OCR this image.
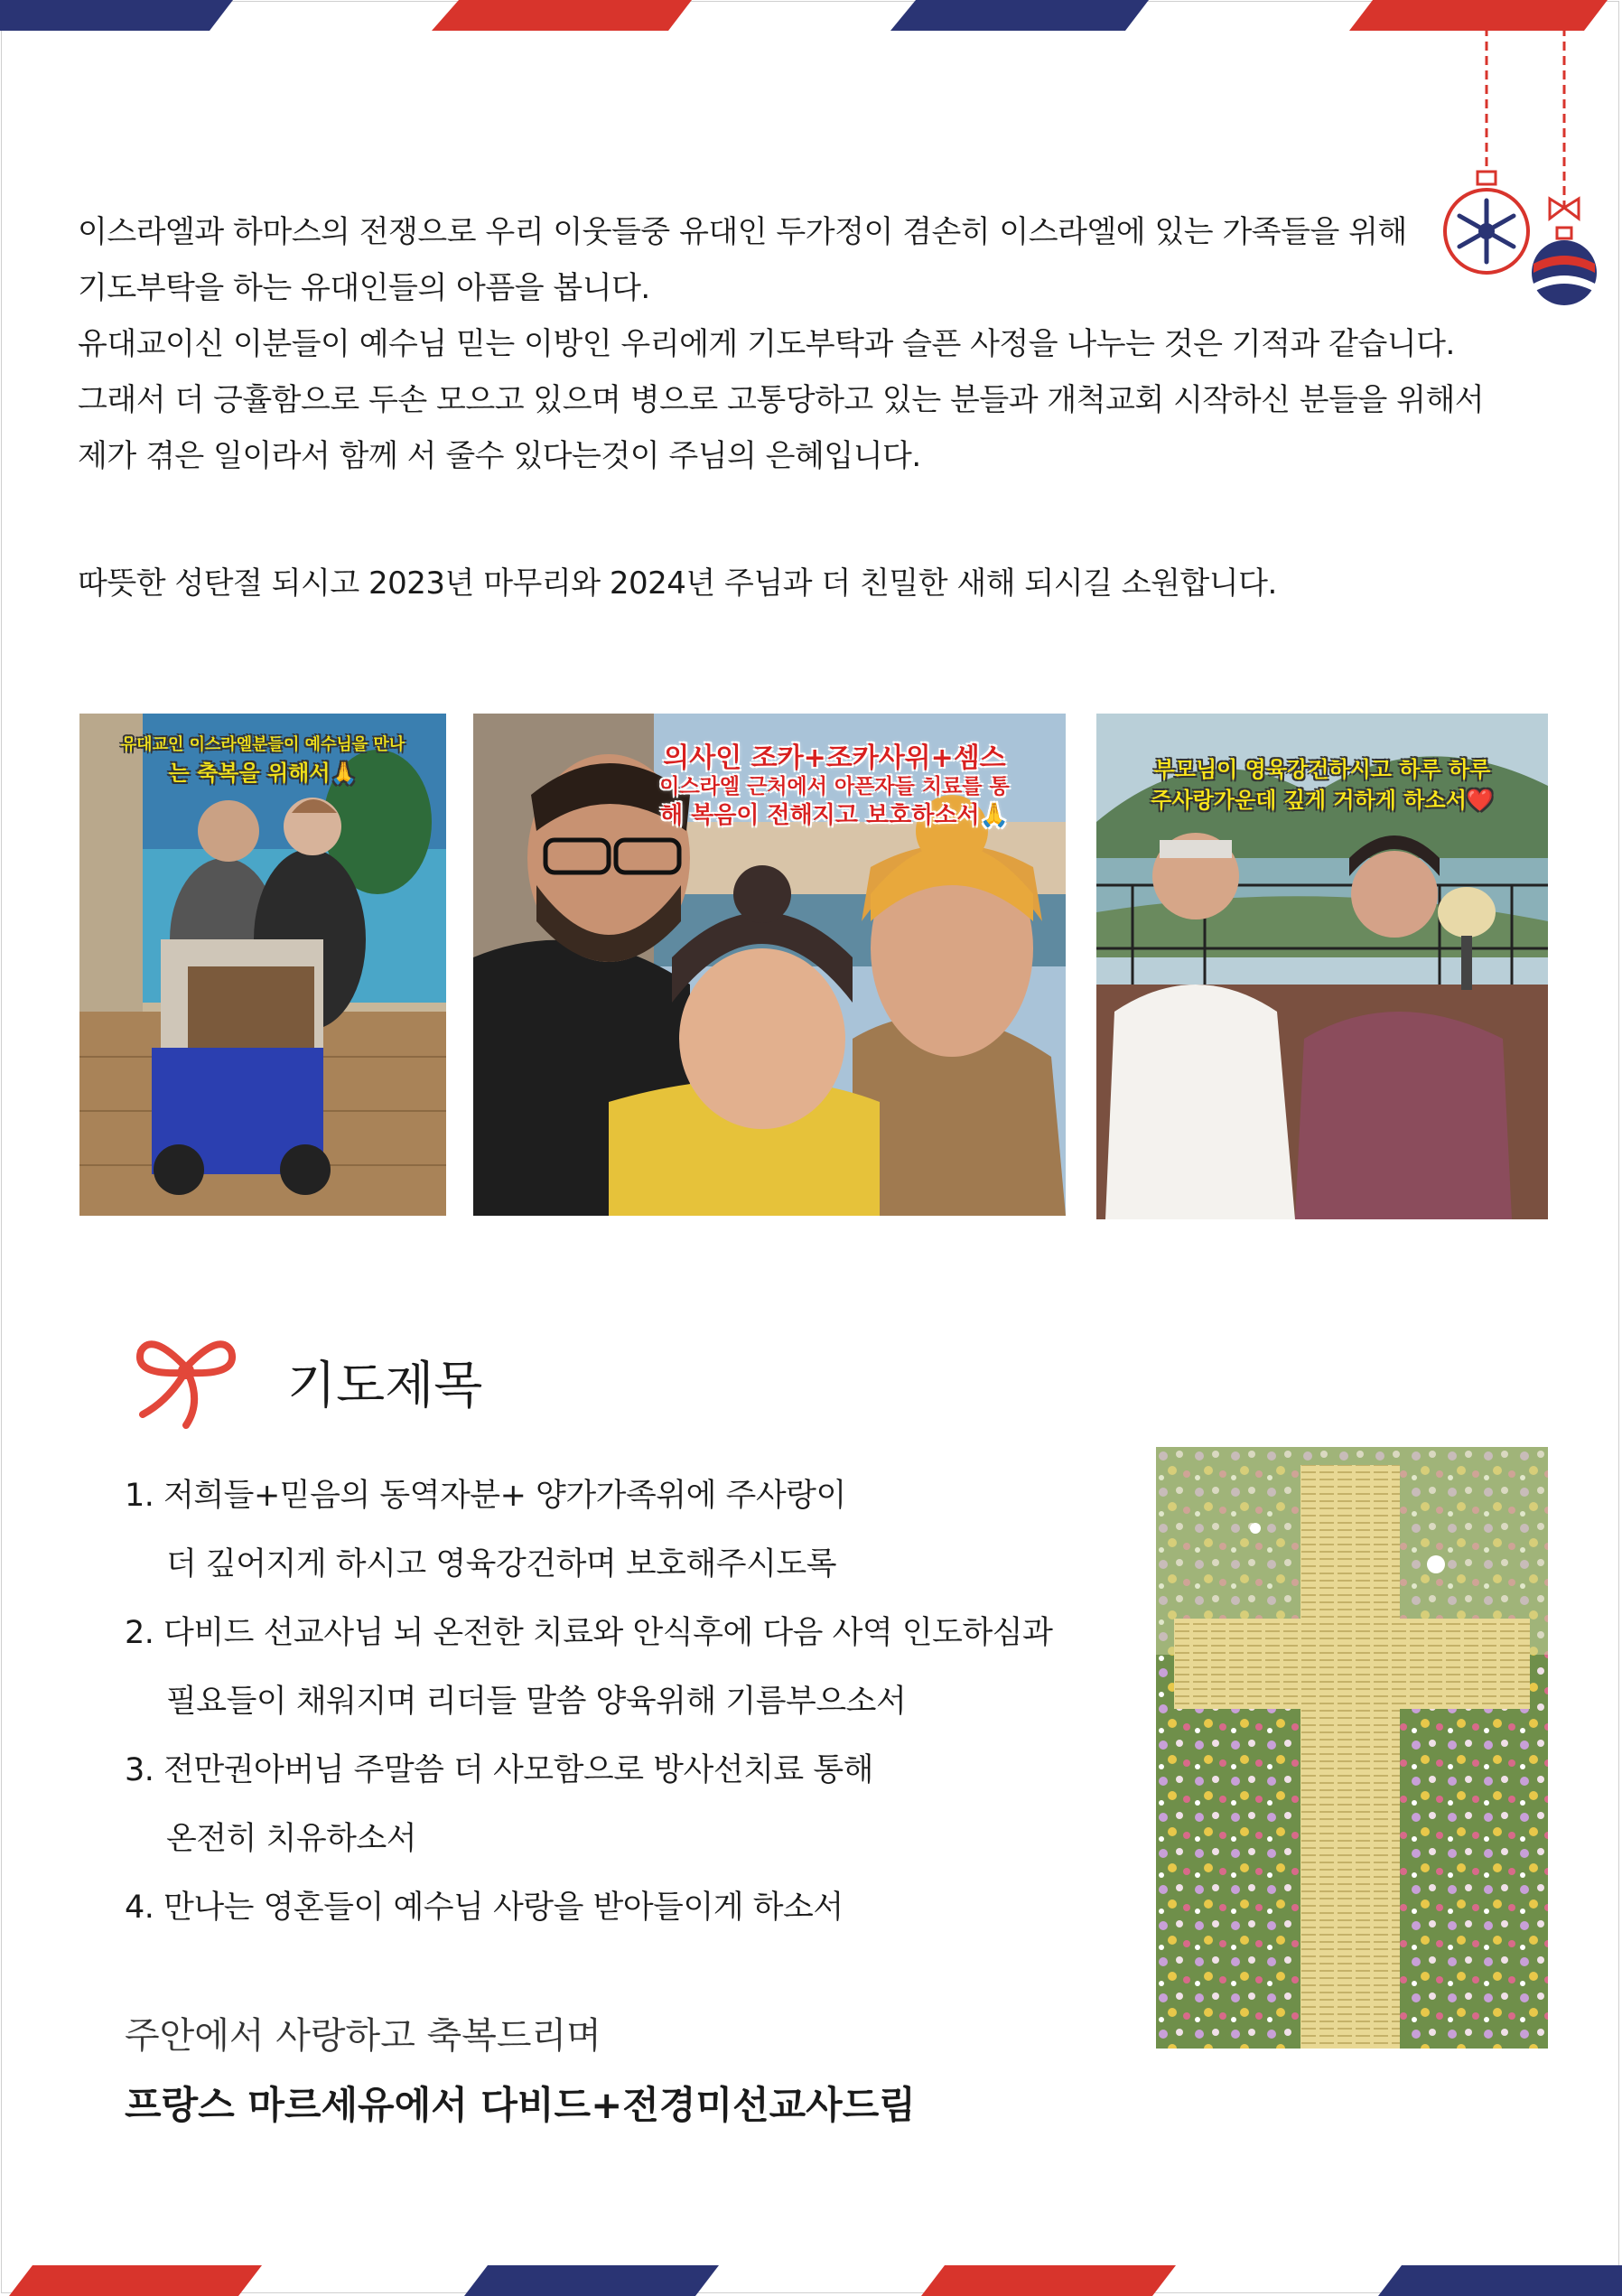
이스라엘과 하마스의 전쟁으로 우리 이웃들중 유대인 두가정이 겸손히 이스라엘에 있는 가족들을 위해

기도부탁을 하는 유대인들의 아픔을 봅니다.

유대교이신 이분들이 예수님 믿는 이방인 우리에게 기도부탁과 슬픈 사정을 나누는 것은 기적과 같습니다.

그래서 더 긍휼함으로 두손 모으고 있으며 병으로 고통당하고 있는 분들과 개척교회 시작하신 분들을 위해서

제가 겪은 일이라서 함께 서 줄수 있다는것이 주님의 은혜입니다.

따뜻한 성탄절 되시고 2023년 마무리와 2024년 주님과 더 친밀한 새해 되시길 소원합니다.
유대교인 이스라엘분들이 예수님을 만나
는 축복을 위해서🙏	의사인 조카+조카사위+셈스
이스라엘 근처에서 아픈자들 치료를 통
해 복음이 전해지고 보호하소서🙏
부모님이 영육강건하시고 하루 하루
주사랑가운데 깊게 거하게 하소서❤️
기도제목
1. 저희들+믿음의 동역자분+ 양가가족위에 주사랑이
더 깊어지게 하시고 영육강건하며 보호해주시도록
2. 다비드 선교사님 뇌 온전한 치료와 안식후에 다음 사역 인도하심과
필요들이 채워지며 리더들 말씀 양육위해 기름부으소서
3. 전만권아버님 주말씀 더 사모함으로 방사선치료 통해
온전히 치유하소서
4. 만나는 영혼들이 예수님 사랑을 받아들이게 하소서
주안에서 사랑하고 축복드리며
프랑스 마르세유에서 다비드+전경미선교사드림
